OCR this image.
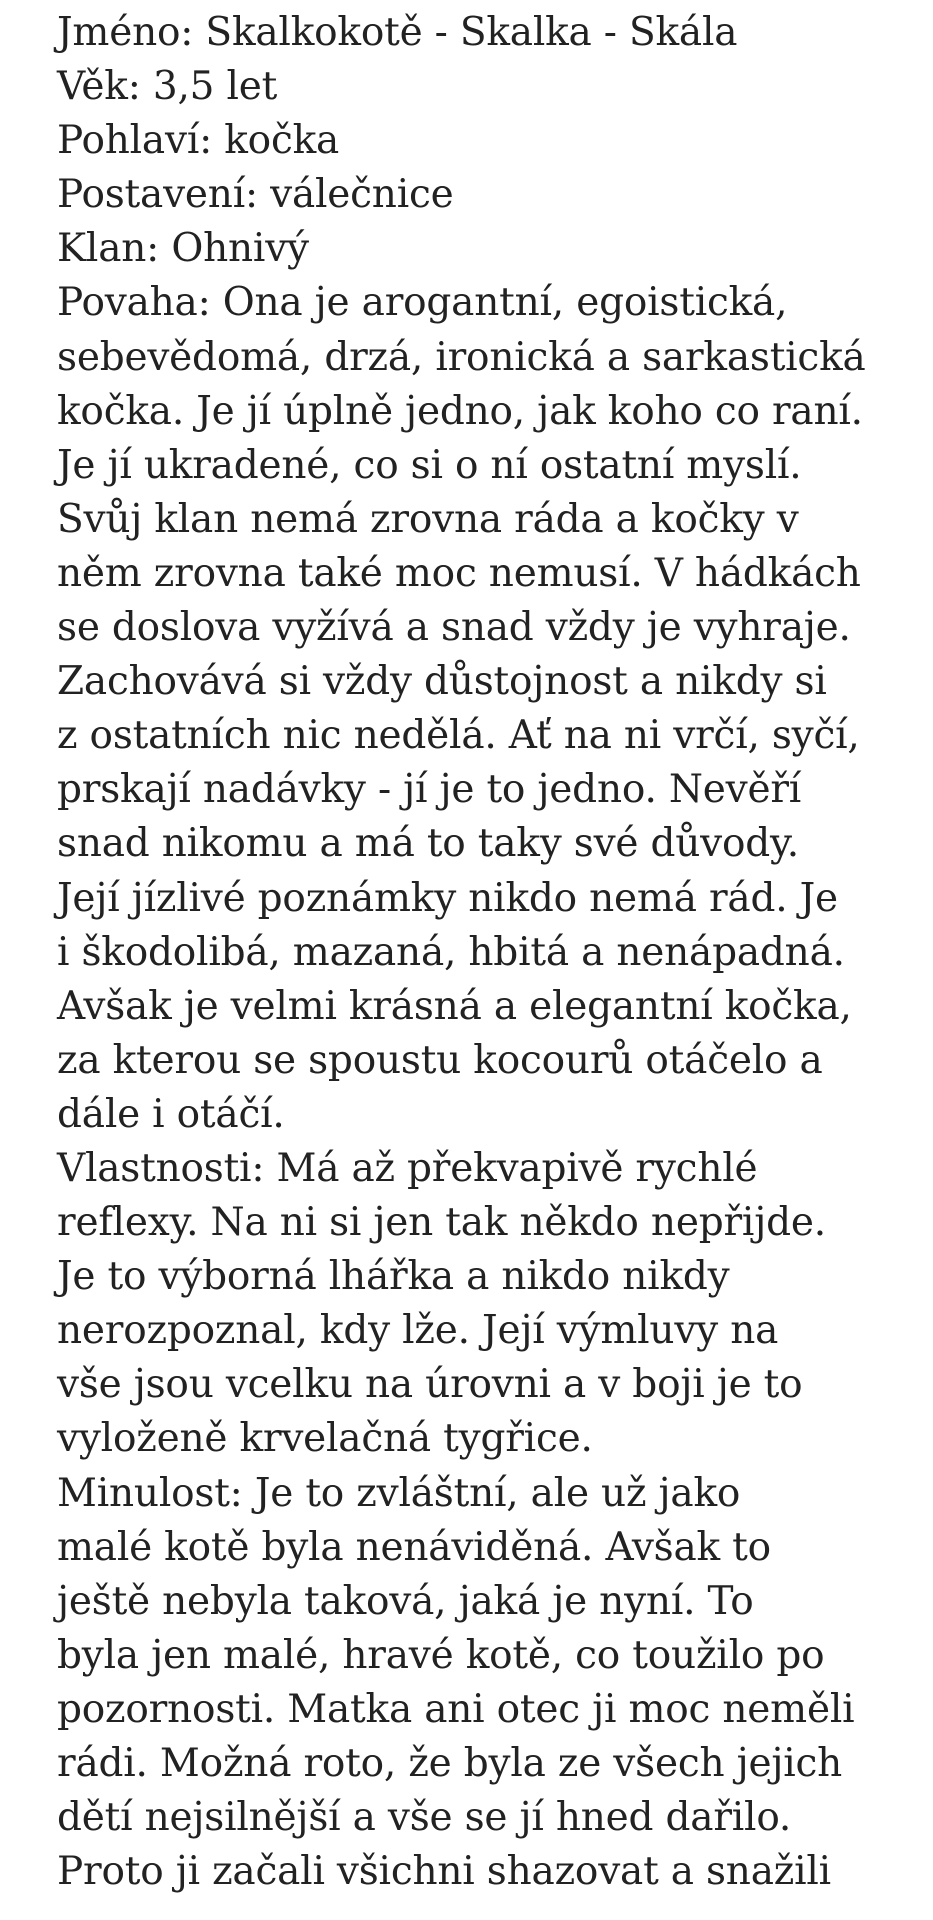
Jméno: Skalkokotě - Skalka - Skála
Věk: 3,5 let
Pohlaví: kočka
Postavení: válečnice
Klan: Ohnivý
Povaha: Ona je arogantní, egoistická,
sebevědomá, drzá, ironická a sarkastická
kočka. Je jí úplně jedno, jak koho co raní.
Je jí ukradené, co si o ní ostatní myslí.
Svůj klan nemá zrovna ráda a kočky v
něm zrovna také moc nemusí. V hádkách
se doslova vyžívá a snad vždy je vyhraje.
Zachovává si vždy důstojnost a nikdy si
z ostatních nic nedělá. Ať na ni vrčí, syčí,
prskají nadávky - jí je to jedno. Nevěří
snad nikomu a má to taky své důvody.
Její jízlivé poznámky nikdo nemá rád. Je
i škodolibá, mazaná, hbitá a nenápadná.
Avšak je velmi krásná a elegantní kočka,
za kterou se spoustu kocourů otáčelo a
dále i otáčí.
Vlastnosti: Má až překvapivě rychlé
reflexy. Na ni si jen tak někdo nepřijde.
Je to výborná lhářka a nikdo nikdy
nerozpoznal, kdy lže. Její výmluvy na
vše jsou vcelku na úrovni a v boji je to
vyloženě krvelačná tygřice.
Minulost: Je to zvláštní, ale už jako
malé kotě byla nenáviděná. Avšak to
ještě nebyla taková, jaká je nyní. To
byla jen malé, hravé kotě, co toužilo po
pozornosti. Matka ani otec ji moc neměli
rádi. Možná roto, že byla ze všech jejich
dětí nejsilnější a vše se jí hned dařilo.
Proto ji začali všichni shazovat a snažili
